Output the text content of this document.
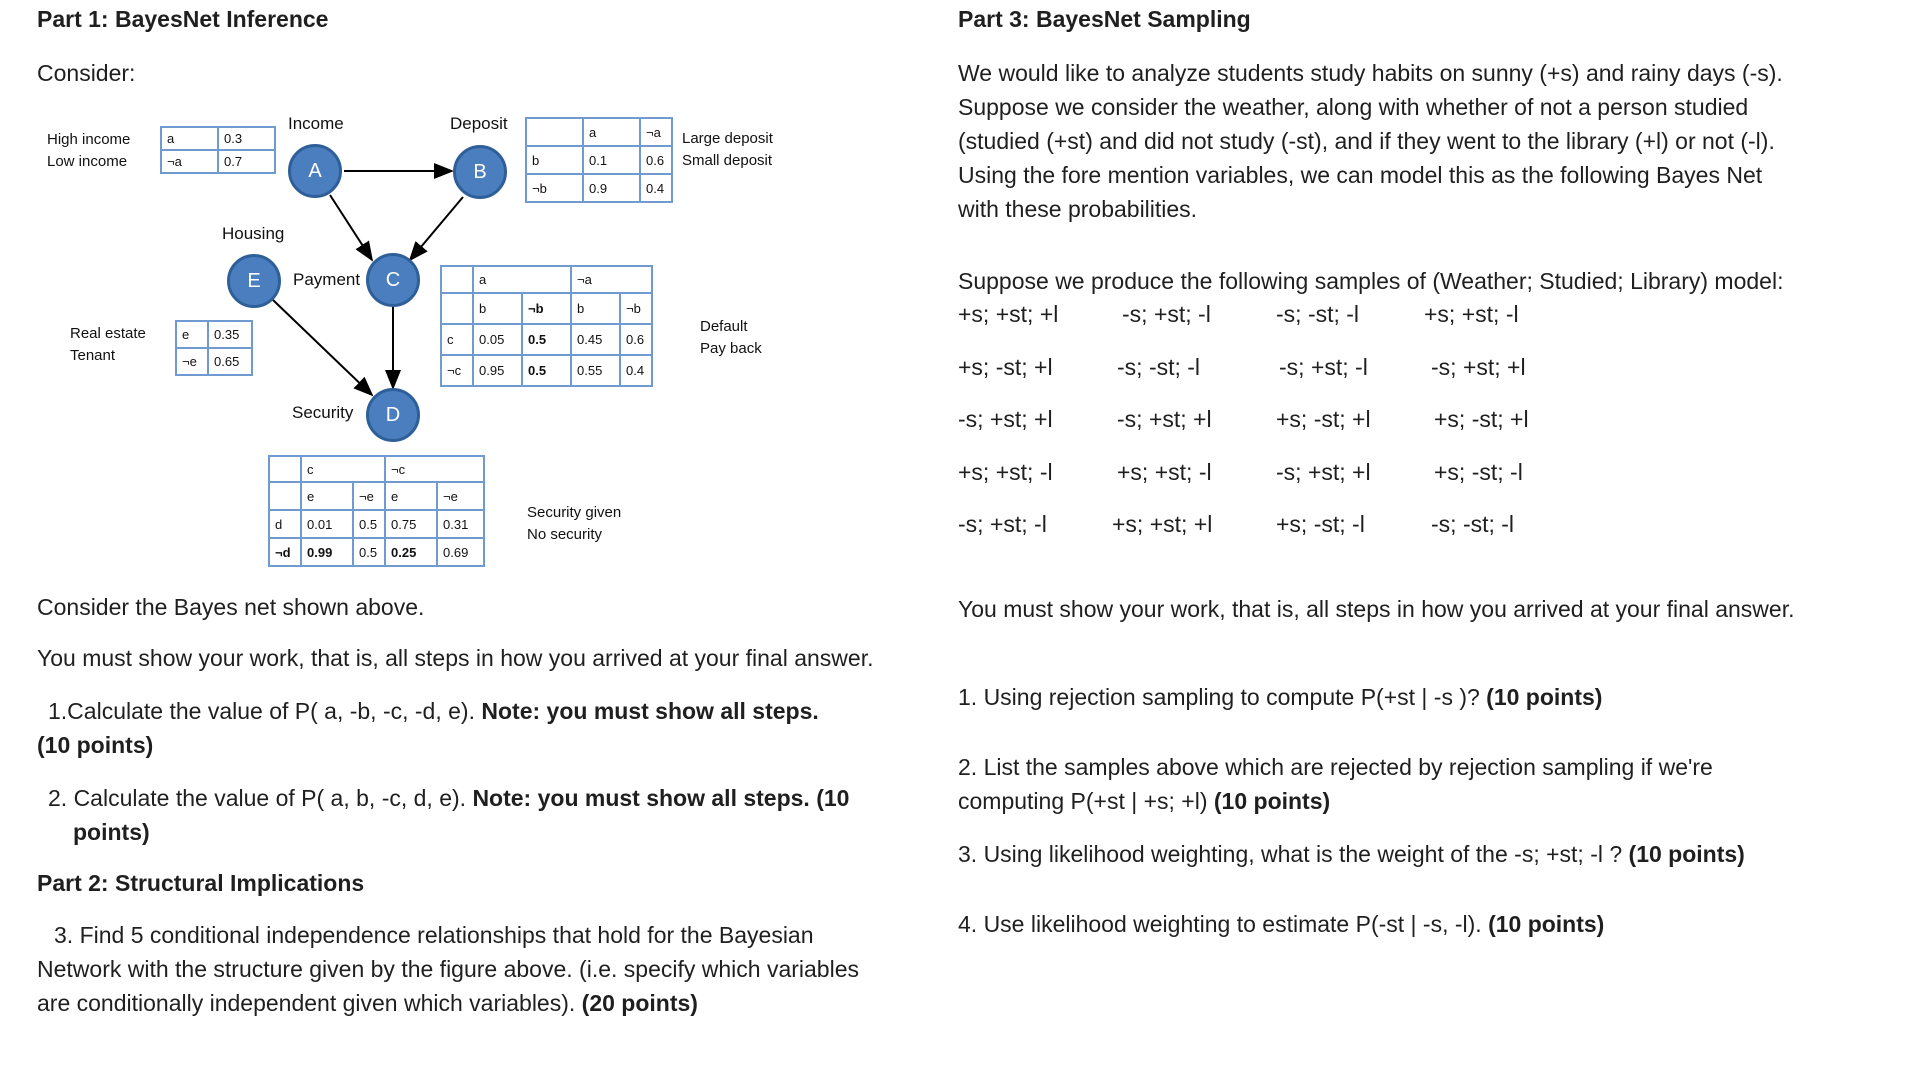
Part 1: BayesNet Inference
Consider:
Income
A
Deposit
B
Payment	C
Security	D
Housing
E
High income
Low income
a	0.3
¬a	0.7
	a	¬a
b	0.1	0.6
¬b	0.9	0.4
Large deposit
Small deposit
Real estate
Tenant
e	0.35
¬e	0.65
	a		¬a	
	b	¬b	b	¬b
c	0.05	0.5	0.45	0.6
¬c	0.95	0.5	0.55	0.4
Default
Pay back
	c		¬c	
	e	¬e	e	¬e
d	0.01	0.5	0.75	0.31
¬d	0.99	0.5	0.25	0.69
Security given
No security
Consider the Bayes net shown above.
You must show your work, that is, all steps in how you arrived at your final answer.
1.Calculate the value of P( a, -b, -c, -d, e). Note: you must show all steps. (10 points)
2. Calculate the value of P( a, b, -c, d, e). Note: you must show all steps. (10 points)
Part 2: Structural Implications
3. Find 5 conditional independence relationships that hold for the Bayesian Network with the structure given by the figure above. (i.e. specify which variables are conditionally independent given which variables). (20 points)
Part 3: BayesNet Sampling
We would like to analyze students study habits on sunny (+s) and rainy days (-s). Suppose we consider the weather, along with whether of not a person studied (studied (+st) and did not study (-st), and if they went to the library (+l) or not (-l). Using the fore mention variables, we can model this as the following Bayes Net with these probabilities.
Suppose we produce the following samples of (Weather; Studied; Library) model:
+s; +st; +l	-s; +st; -l	-s; -st; -l	+s; +st; -l
+s; -st; +l	-s; -st; -l	-s; +st; -l	-s; +st; +l
-s; +st; +l	-s; +st; +l	+s; -st; +l	+s; -st; +l
+s; +st; -l	+s; +st; -l	-s; +st; +l	+s; -st; -l
-s; +st; -l	+s; +st; +l	+s; -st; -l	-s; -st; -l
You must show your work, that is, all steps in how you arrived at your final answer.
1. Using rejection sampling to compute P(+st | -s )? (10 points)
2. List the samples above which are rejected by rejection sampling if we're computing P(+st | +s; +l) (10 points)
3. Using likelihood weighting, what is the weight of the -s; +st; -l ? (10 points)
4. Use likelihood weighting to estimate P(-st | -s, -l). (10 points)
